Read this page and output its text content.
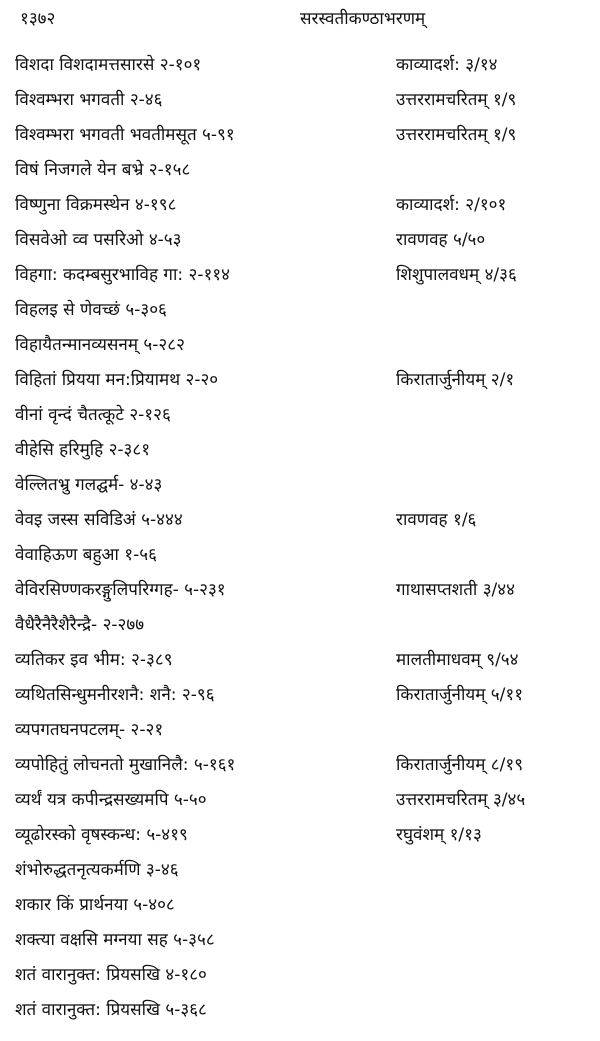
१३७२	सरस्वतीकण्ठाभरणम्
विशदा विशदामत्तसारसे २-१०१	काव्यादर्श: ३/१४
विश्वम्भरा भगवती २-४६	उत्तररामचरितम् १/९
विश्वम्भरा भगवती भवतीमसूत ५-९१	उत्तररामचरितम् १/९
विषं निजगले येन बभ्रे २-१५८
विष्णुना विक्रमस्थेन ४-१९८	काव्यादर्श: २/१०१
विसवेओ व्व पसरिओ ४-५३	रावणवह ५/५०
विहगा: कदम्बसुरभाविह गा: २-११४	शिशुपालवधम् ४/३६
विहलइ से णेवच्छं ५-३०६
विहायैतन्मानव्यसनम् ५-२८२
विहितां प्रियया मन:प्रियामथ २-२०	किरातार्जुनीयम् २/१
वीनां वृन्दं चैतत्कूटे २-१२६
वीहेसि हरिमुहि २-३८१
वेल्लितभ्रु गलद्घर्म- ४-४३
वेवइ जस्स सविडिअं ५-४४४	रावणवह १/६
वेवाहिऊण बहुआ १-५६
वेविरसिण्णकरङ्गुलिपरिग्गह- ५-२३१	गाथासप्तशती ३/४४
वैधैरैनैरैशैरैन्द्रै- २-२७७
व्यतिकर इव भीम: २-३८९	मालतीमाधवम् ९/५४
व्यथितसिन्धुमनीरशनै: शनै: २-९६	किरातार्जुनीयम् ५/११
व्यपगतघनपटलम्- २-२१
व्यपोहितुं लोचनतो मुखानिलै: ५-१६१	किरातार्जुनीयम् ८/१९
व्यर्थं यत्र कपीन्द्रसख्यमपि ५-५०	उत्तररामचरितम् ३/४५
व्यूढोरस्को वृषस्कन्ध: ५-४१९	रघुवंशम् १/१३
शंभोरुद्धतनृत्यकर्मणि ३-४६
शकार किं प्रार्थनया ५-४०८
शक्त्या वक्षसि मग्नया सह ५-३५८
शतं वारानुक्त: प्रियसखि ४-१८०
शतं वारानुक्त: प्रियसखि ५-३६८
